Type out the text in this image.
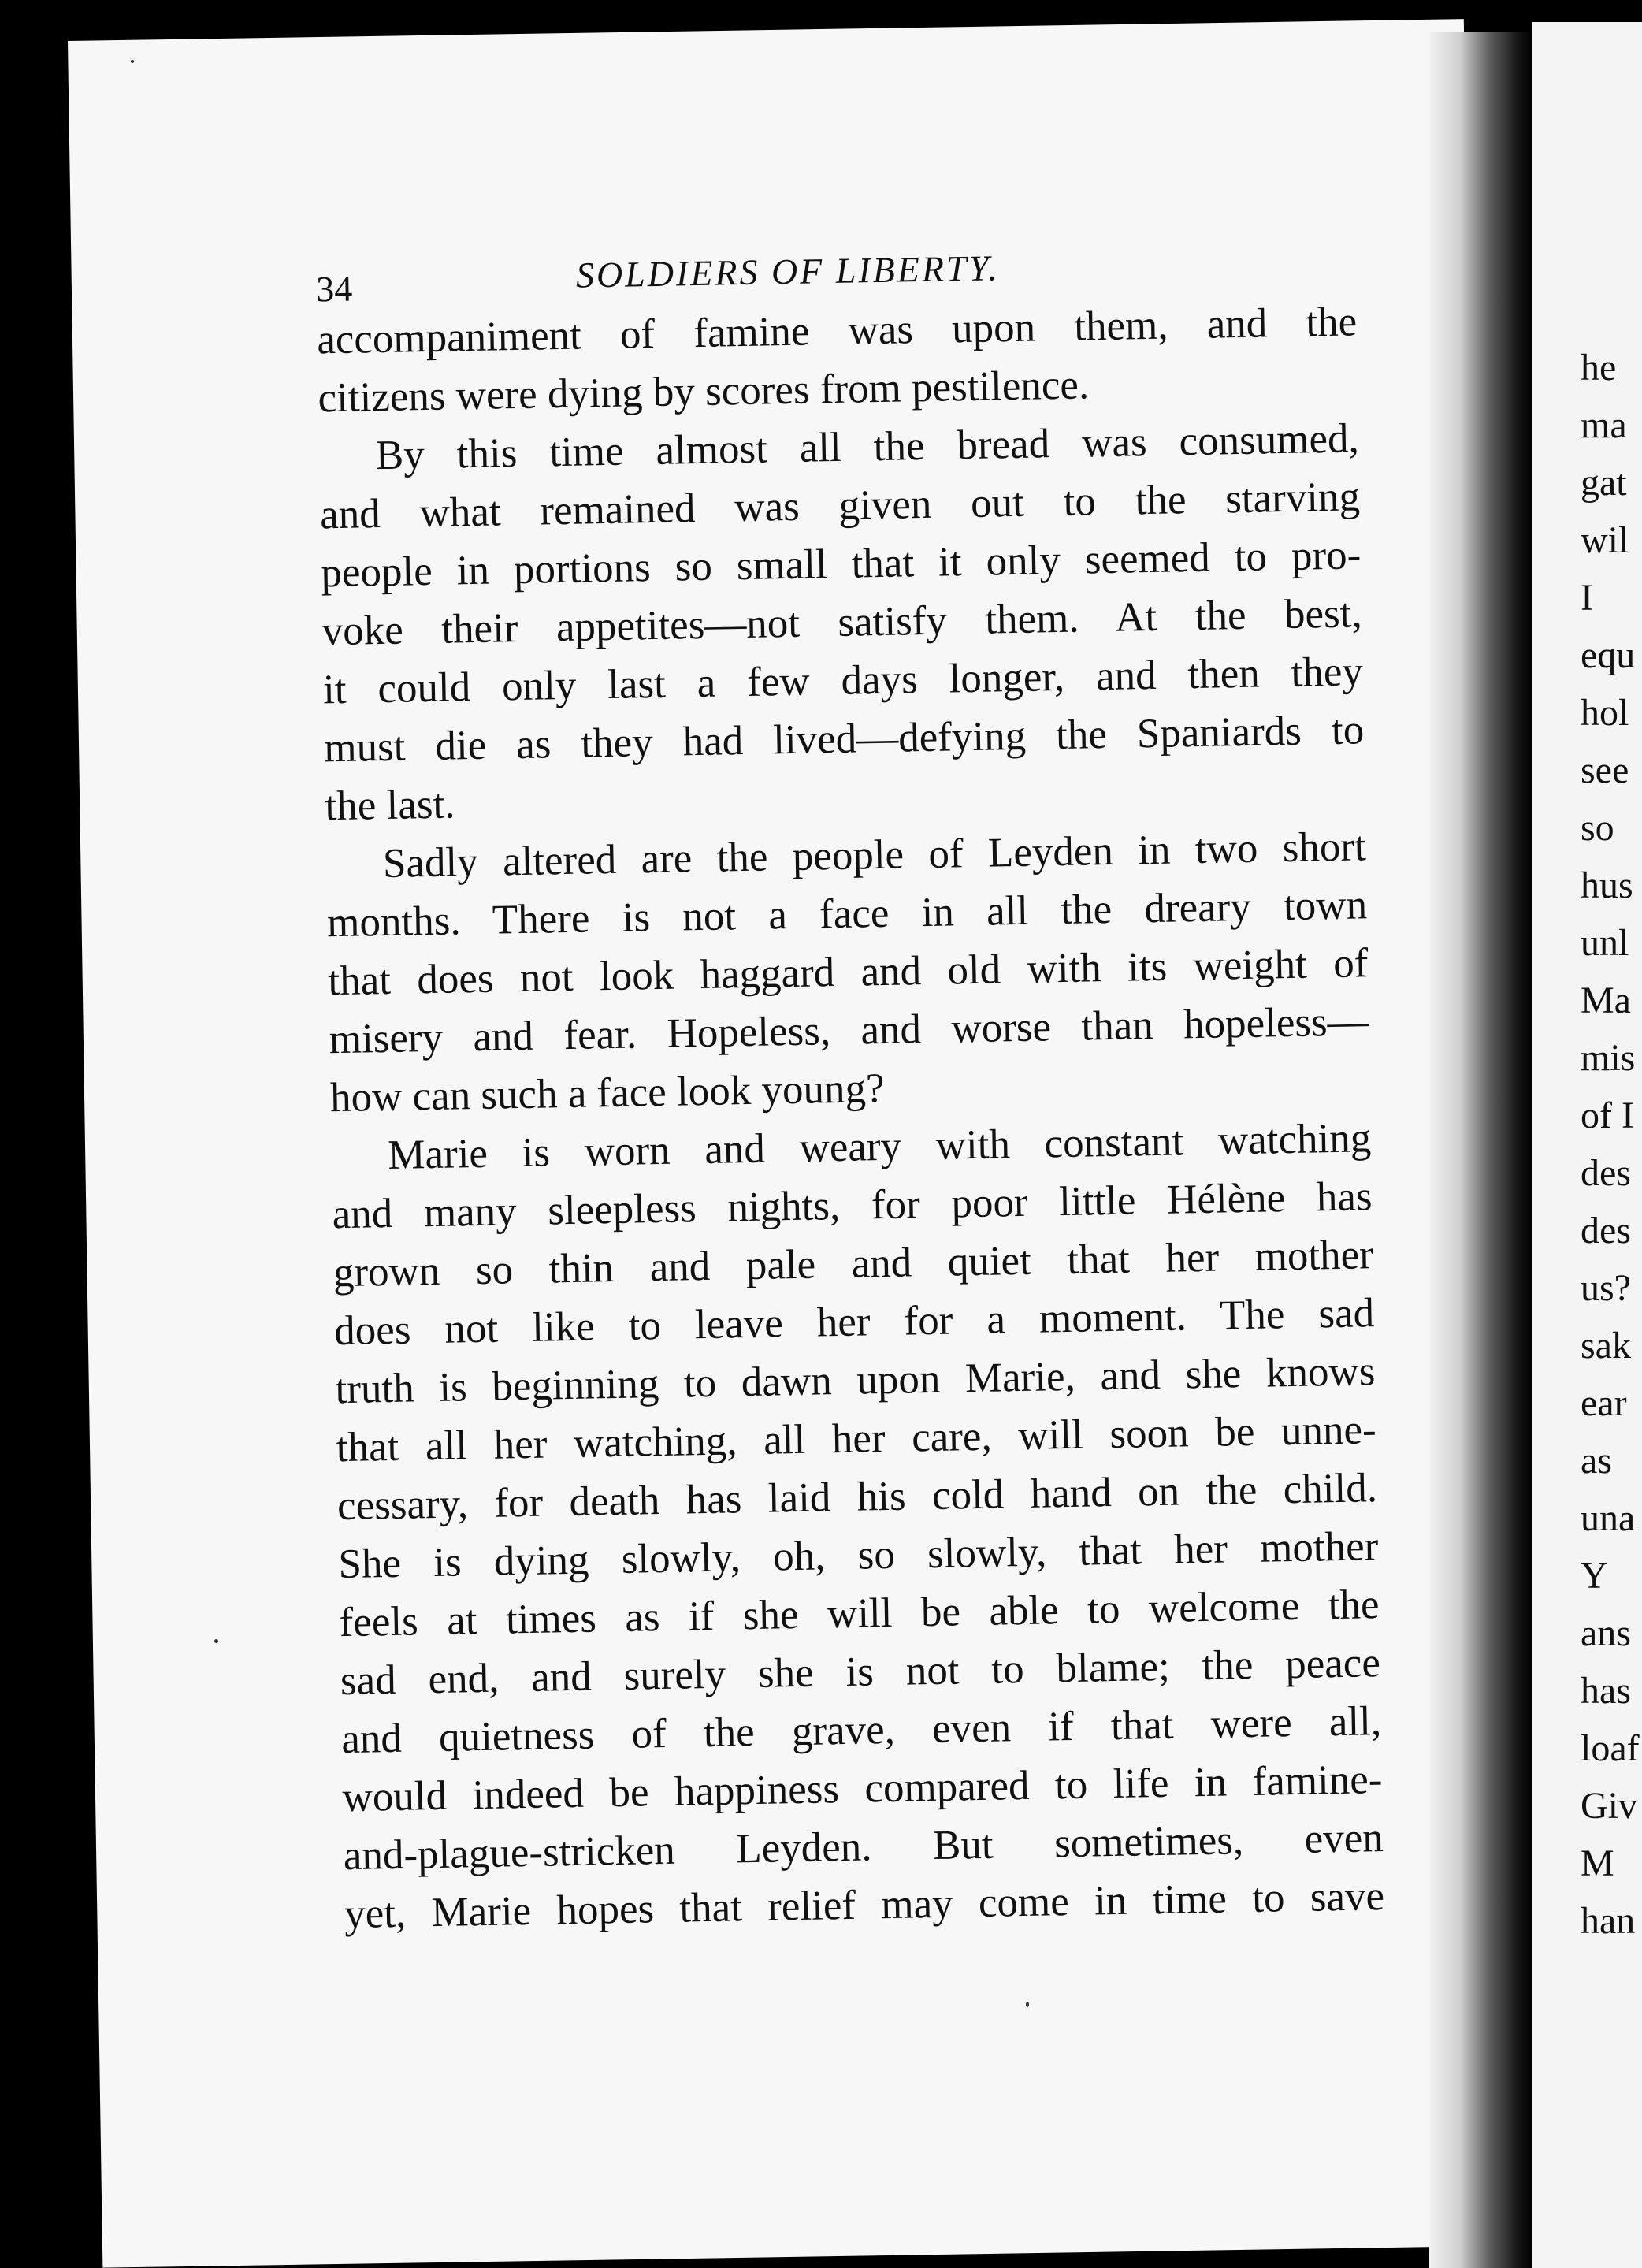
34	SOLDIERS OF LIBERTY.
accompaniment of famine was upon them, and the
citizens were dying by scores from pestilence.
By this time almost all the bread was consumed,
and what remained was given out to the starving
people in portions so small that it only seemed to pro-
voke their appetites—not satisfy them. At the best,
it could only last a few days longer, and then they
must die as they had lived—defying the Spaniards to
the last.
Sadly altered are the people of Leyden in two short
months. There is not a face in all the dreary town
that does not look haggard and old with its weight of
misery and fear. Hopeless, and worse than hopeless—
how can such a face look young?
Marie is worn and weary with constant watching
and many sleepless nights, for poor little Hélène has
grown so thin and pale and quiet that her mother
does not like to leave her for a moment. The sad
truth is beginning to dawn upon Marie, and she knows
that all her watching, all her care, will soon be unne-
cessary, for death has laid his cold hand on the child.
She is dying slowly, oh, so slowly, that her mother
feels at times as if she will be able to welcome the
sad end, and surely she is not to blame; the peace
and quietness of the grave, even if that were all,
would indeed be happiness compared to life in famine-
and-plague-stricken Leyden. But sometimes, even
yet, Marie hopes that relief may come in time to save
he
ma
gat
wil
I
equ
hol
see
so
hus
unl
Ma
mis
of I
des
des
us?
sak
ear
as
una
Y
ans
has
loaf
Giv
M
han
